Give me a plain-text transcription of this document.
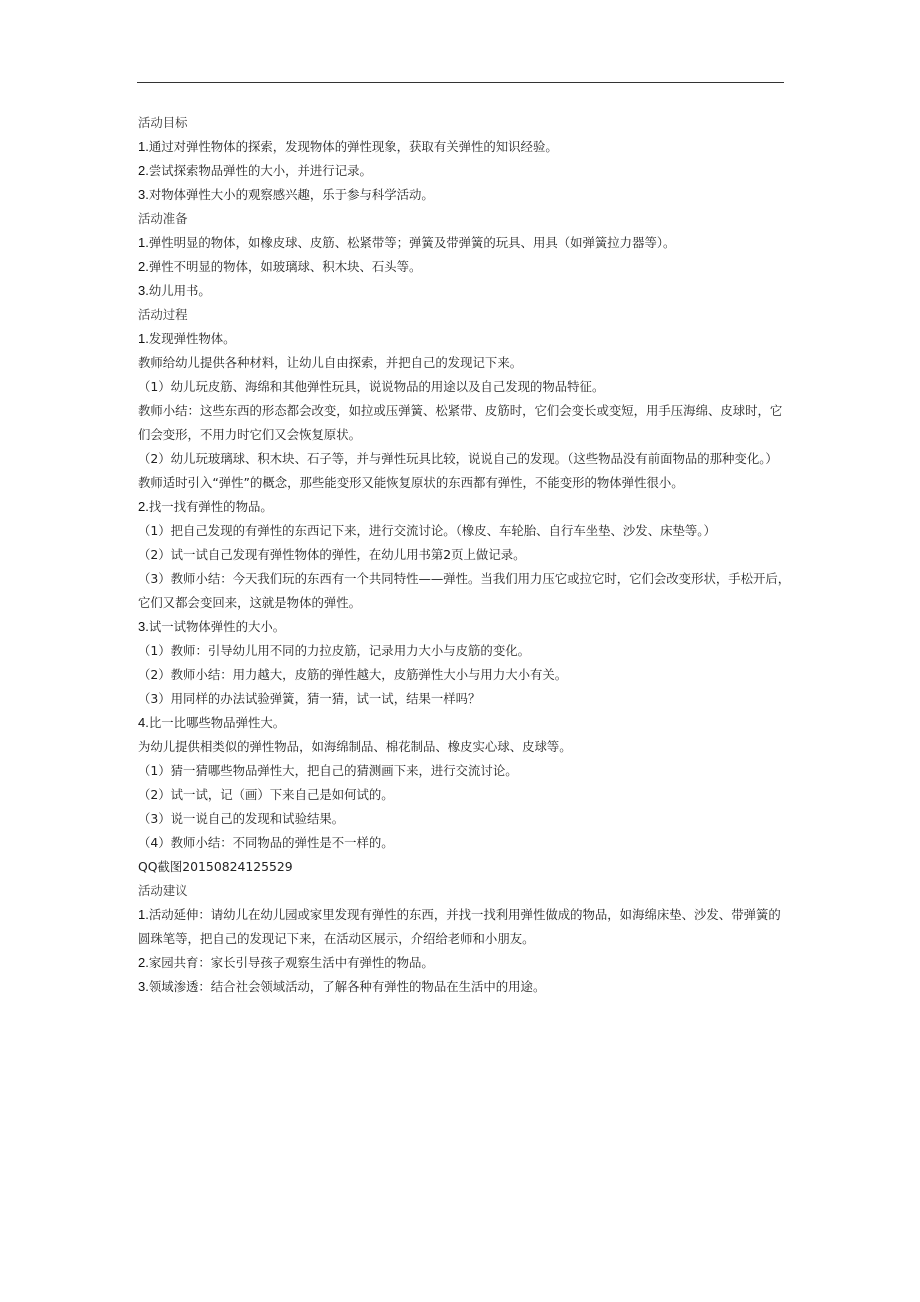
活动目标
1.通过对弹性物体的探索，发现物体的弹性现象，获取有关弹性的知识经验。
2.尝试探索物品弹性的大小，并进行记录。
3.对物体弹性大小的观察感兴趣，乐于参与科学活动。
活动准备
1.弹性明显的物体，如橡皮球、皮筋、松紧带等；弹簧及带弹簧的玩具、用具（如弹簧拉力器等）。
2.弹性不明显的物体，如玻璃球、积木块、石头等。
3.幼儿用书。
活动过程
1.发现弹性物体。
教师给幼儿提供各种材料，让幼儿自由探索，并把自己的发现记下来。
（1）幼儿玩皮筋、海绵和其他弹性玩具，说说物品的用途以及自己发现的物品特征。
教师小结：这些东西的形态都会改变，如拉或压弹簧、松紧带、皮筋时，它们会变长或变短，用手压海绵、皮球时，它
们会变形，不用力时它们又会恢复原状。
（2）幼儿玩玻璃球、积木块、石子等，并与弹性玩具比较，说说自己的发现。（这些物品没有前面物品的那种变化。）
教师适时引入“弹性”的概念，那些能变形又能恢复原状的东西都有弹性，不能变形的物体弹性很小。
2.找一找有弹性的物品。
（1）把自己发现的有弹性的东西记下来，进行交流讨论。（橡皮、车轮胎、自行车坐垫、沙发、床垫等。）
（2）试一试自己发现有弹性物体的弹性，在幼儿用书第2页上做记录。
（3）教师小结：今天我们玩的东西有一个共同特性——弹性。当我们用力压它或拉它时，它们会改变形状，手松开后，
它们又都会变回来，这就是物体的弹性。
3.试一试物体弹性的大小。
（1）教师：引导幼儿用不同的力拉皮筋，记录用力大小与皮筋的变化。
（2）教师小结：用力越大，皮筋的弹性越大，皮筋弹性大小与用力大小有关。
（3）用同样的办法试验弹簧，猜一猜，试一试，结果一样吗？
4.比一比哪些物品弹性大。
为幼儿提供相类似的弹性物品，如海绵制品、棉花制品、橡皮实心球、皮球等。
（1）猜一猜哪些物品弹性大，把自己的猜测画下来，进行交流讨论。
（2）试一试，记（画）下来自己是如何试的。
（3）说一说自己的发现和试验结果。
（4）教师小结：不同物品的弹性是不一样的。
QQ截图20150824125529
活动建议
1.活动延伸：请幼儿在幼儿园或家里发现有弹性的东西，并找一找利用弹性做成的物品，如海绵床垫、沙发、带弹簧的
圆珠笔等，把自己的发现记下来，在活动区展示，介绍给老师和小朋友。
2.家园共育：家长引导孩子观察生活中有弹性的物品。
3.领域渗透：结合社会领域活动，了解各种有弹性的物品在生活中的用途。
